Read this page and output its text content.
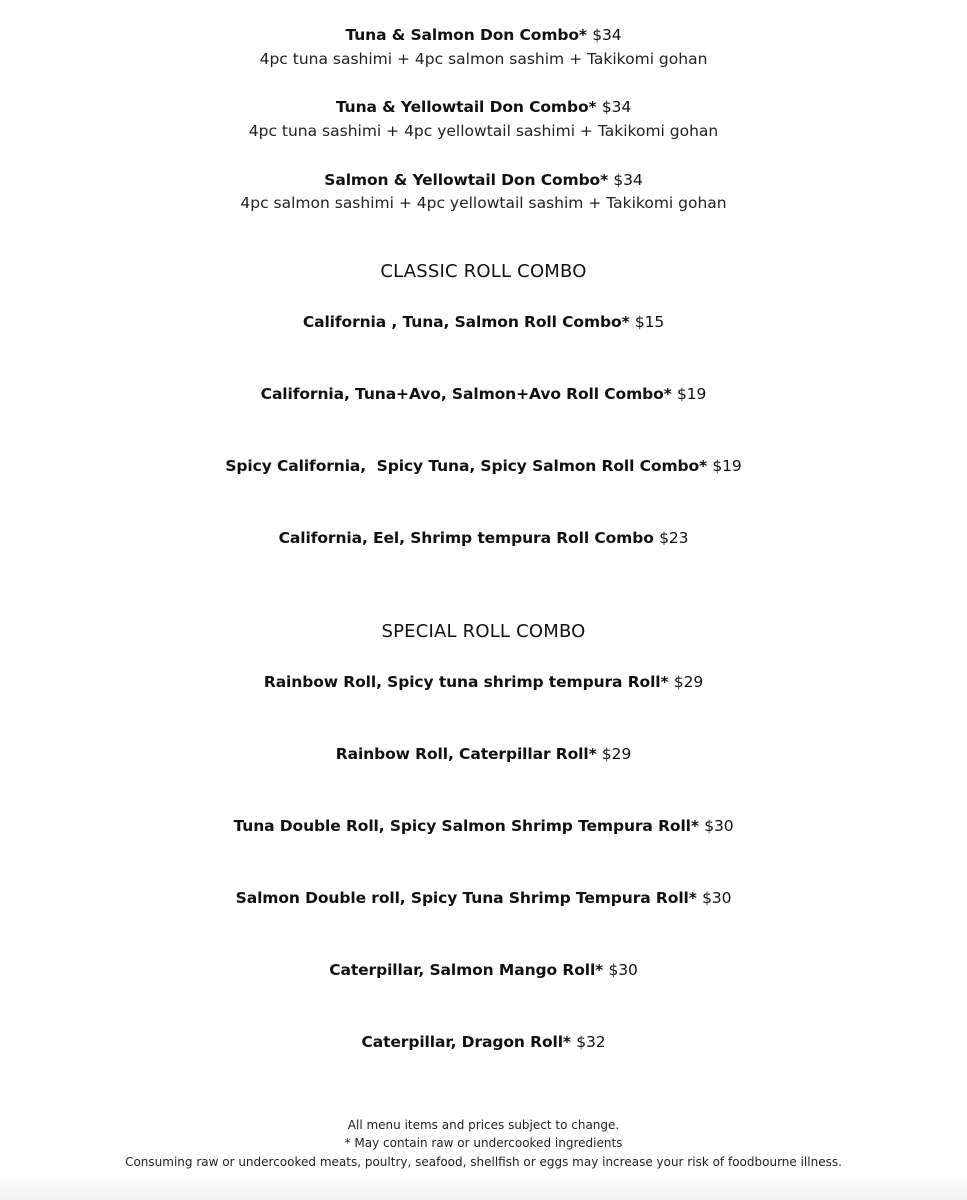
Tuna & Salmon Don Combo* $34
4pc tuna sashimi + 4pc salmon sashim + Takikomi gohan
Tuna & Yellowtail Don Combo* $34
4pc tuna sashimi + 4pc yellowtail sashimi + Takikomi gohan
Salmon & Yellowtail Don Combo* $34
4pc salmon sashimi + 4pc yellowtail sashim + Takikomi gohan
CLASSIC ROLL COMBO
California , Tuna, Salmon Roll Combo* $15
California, Tuna+Avo, Salmon+Avo Roll Combo* $19
Spicy California,  Spicy Tuna, Spicy Salmon Roll Combo* $19
California, Eel, Shrimp tempura Roll Combo $23
SPECIAL ROLL COMBO
Rainbow Roll, Spicy tuna shrimp tempura Roll* $29
Rainbow Roll, Caterpillar Roll* $29
Tuna Double Roll, Spicy Salmon Shrimp Tempura Roll* $30
Salmon Double roll, Spicy Tuna Shrimp Tempura Roll* $30
Caterpillar, Salmon Mango Roll* $30
Caterpillar, Dragon Roll* $32
All menu items and prices subject to change.
* May contain raw or undercooked ingredients
Consuming raw or undercooked meats, poultry, seafood, shellfish or eggs may increase your risk of foodbourne illness.
